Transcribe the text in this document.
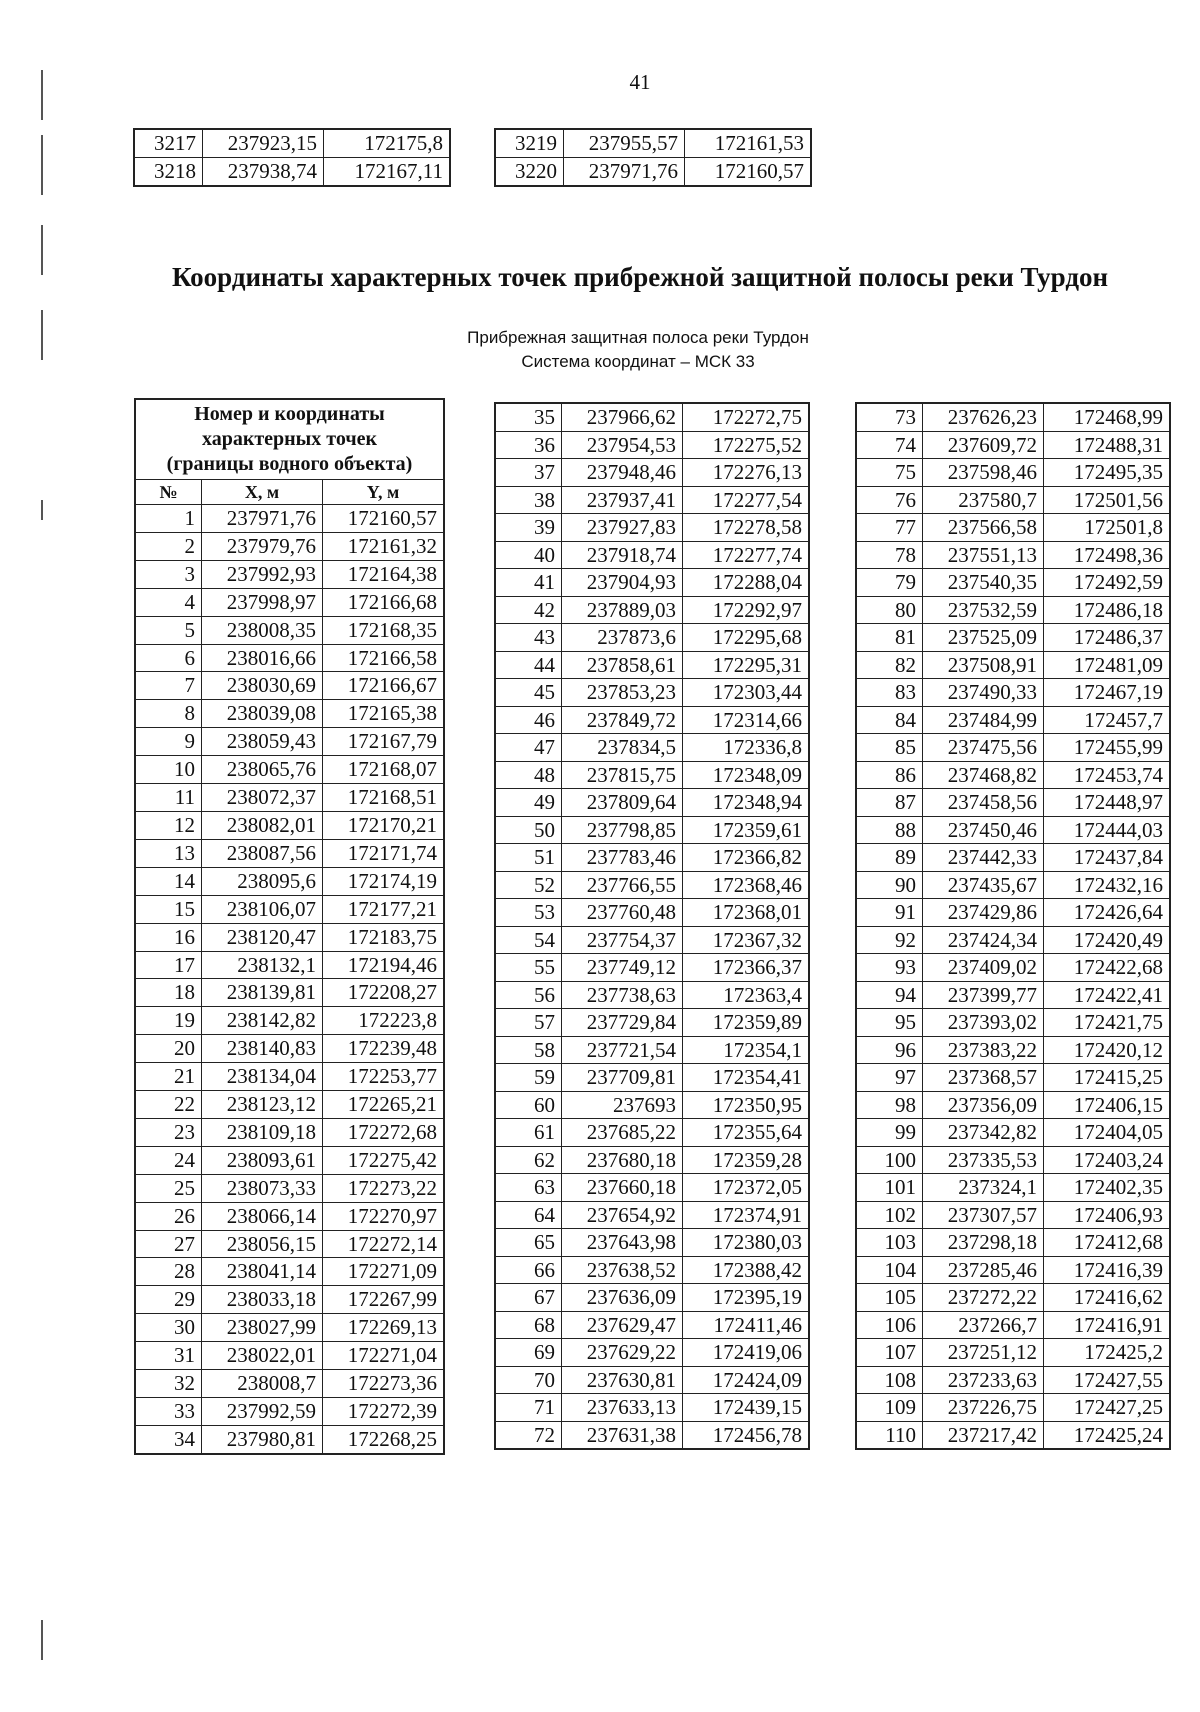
41
3217	237923,15	172175,8
3218	237938,74	172167,11
3219	237955,57	172161,53
3220	237971,76	172160,57
Координаты характерных точек прибрежной защитной полосы реки Турдон
Прибрежная защитная полоса реки Турдон
Система координат – МСК 33
Номер и координаты
характерных точек
(границы водного объекта)		
№	X, м	Y, м
1	237971,76	172160,57
2	237979,76	172161,32
3	237992,93	172164,38
4	237998,97	172166,68
5	238008,35	172168,35
6	238016,66	172166,58
7	238030,69	172166,67
8	238039,08	172165,38
9	238059,43	172167,79
10	238065,76	172168,07
11	238072,37	172168,51
12	238082,01	172170,21
13	238087,56	172171,74
14	238095,6	172174,19
15	238106,07	172177,21
16	238120,47	172183,75
17	238132,1	172194,46
18	238139,81	172208,27
19	238142,82	172223,8
20	238140,83	172239,48
21	238134,04	172253,77
22	238123,12	172265,21
23	238109,18	172272,68
24	238093,61	172275,42
25	238073,33	172273,22
26	238066,14	172270,97
27	238056,15	172272,14
28	238041,14	172271,09
29	238033,18	172267,99
30	238027,99	172269,13
31	238022,01	172271,04
32	238008,7	172273,36
33	237992,59	172272,39
34	237980,81	172268,25
35	237966,62	172272,75
36	237954,53	172275,52
37	237948,46	172276,13
38	237937,41	172277,54
39	237927,83	172278,58
40	237918,74	172277,74
41	237904,93	172288,04
42	237889,03	172292,97
43	237873,6	172295,68
44	237858,61	172295,31
45	237853,23	172303,44
46	237849,72	172314,66
47	237834,5	172336,8
48	237815,75	172348,09
49	237809,64	172348,94
50	237798,85	172359,61
51	237783,46	172366,82
52	237766,55	172368,46
53	237760,48	172368,01
54	237754,37	172367,32
55	237749,12	172366,37
56	237738,63	172363,4
57	237729,84	172359,89
58	237721,54	172354,1
59	237709,81	172354,41
60	237693	172350,95
61	237685,22	172355,64
62	237680,18	172359,28
63	237660,18	172372,05
64	237654,92	172374,91
65	237643,98	172380,03
66	237638,52	172388,42
67	237636,09	172395,19
68	237629,47	172411,46
69	237629,22	172419,06
70	237630,81	172424,09
71	237633,13	172439,15
72	237631,38	172456,78
73	237626,23	172468,99
74	237609,72	172488,31
75	237598,46	172495,35
76	237580,7	172501,56
77	237566,58	172501,8
78	237551,13	172498,36
79	237540,35	172492,59
80	237532,59	172486,18
81	237525,09	172486,37
82	237508,91	172481,09
83	237490,33	172467,19
84	237484,99	172457,7
85	237475,56	172455,99
86	237468,82	172453,74
87	237458,56	172448,97
88	237450,46	172444,03
89	237442,33	172437,84
90	237435,67	172432,16
91	237429,86	172426,64
92	237424,34	172420,49
93	237409,02	172422,68
94	237399,77	172422,41
95	237393,02	172421,75
96	237383,22	172420,12
97	237368,57	172415,25
98	237356,09	172406,15
99	237342,82	172404,05
100	237335,53	172403,24
101	237324,1	172402,35
102	237307,57	172406,93
103	237298,18	172412,68
104	237285,46	172416,39
105	237272,22	172416,62
106	237266,7	172416,91
107	237251,12	172425,2
108	237233,63	172427,55
109	237226,75	172427,25
110	237217,42	172425,24
